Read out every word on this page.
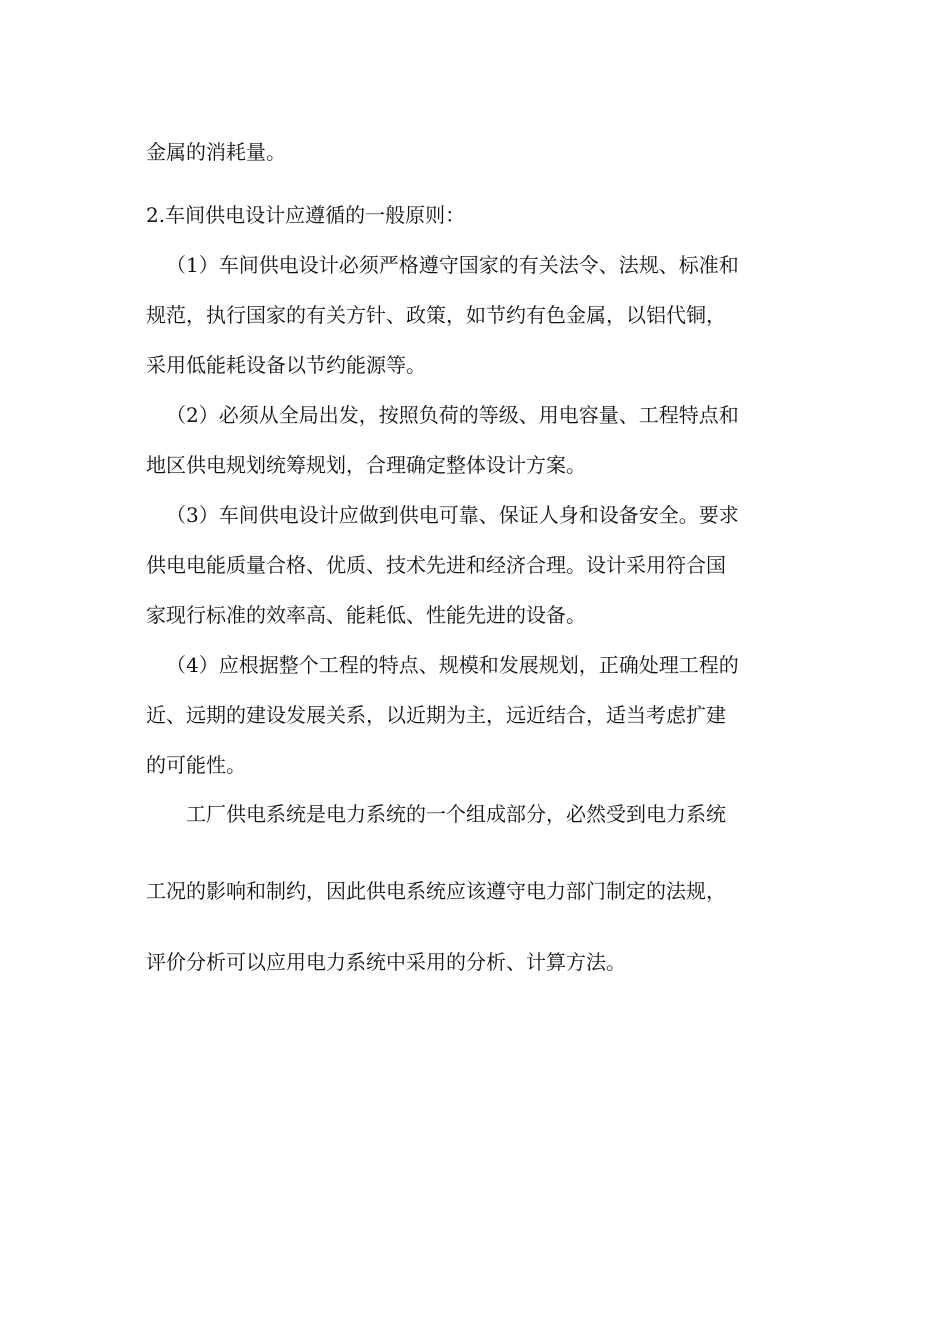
金属的消耗量。
2.车间供电设计应遵循的一般原则：
（1）车间供电设计必须严格遵守国家的有关法令、法规、标准和
规范，执行国家的有关方针、政策，如节约有色金属，以铝代铜，
采用低能耗设备以节约能源等。
（2）必须从全局出发，按照负荷的等级、用电容量、工程特点和
地区供电规划统筹规划，合理确定整体设计方案。
（3）车间供电设计应做到供电可靠、保证人身和设备安全。要求
供电电能质量合格、优质、技术先进和经济合理。设计采用符合国
家现行标准的效率高、能耗低、性能先进的设备。
（4）应根据整个工程的特点、规模和发展规划，正确处理工程的
近、远期的建设发展关系，以近期为主，远近结合，适当考虑扩建
的可能性。
工厂供电系统是电力系统的一个组成部分，必然受到电力系统
工况的影响和制约，因此供电系统应该遵守电力部门制定的法规，
评价分析可以应用电力系统中采用的分析、计算方法。
